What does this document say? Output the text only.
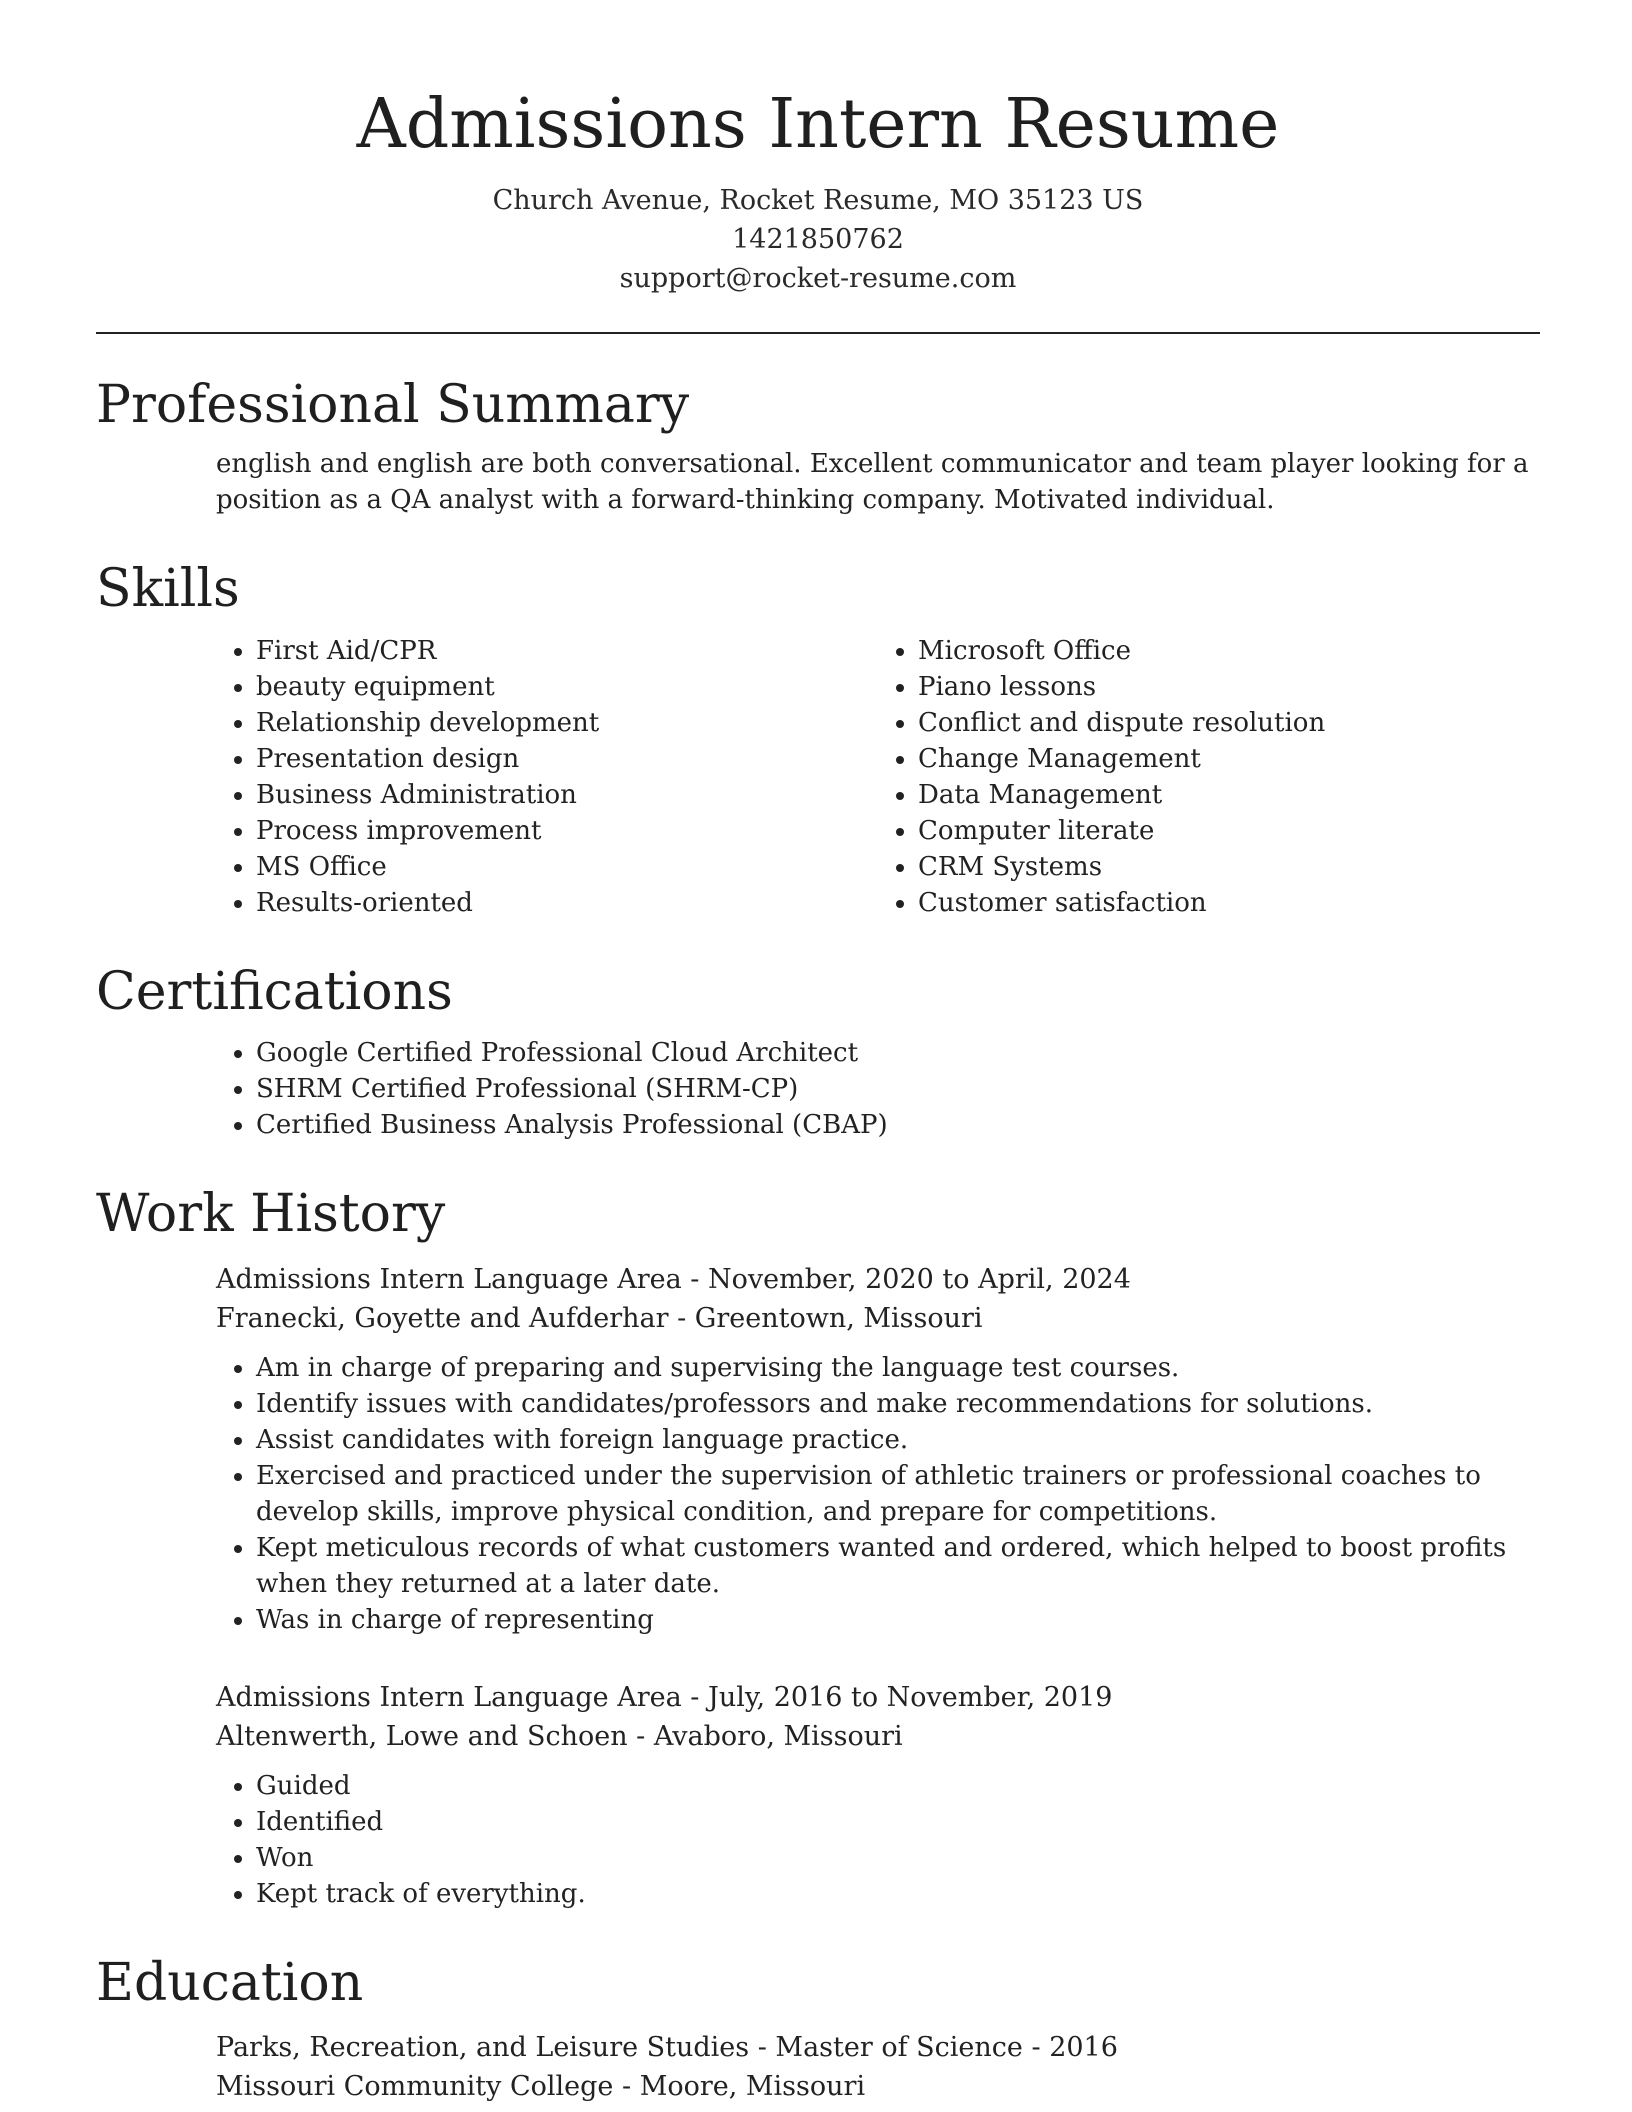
Admissions Intern Resume
Church Avenue, Rocket Resume, MO 35123 US
1421850762
support@rocket-resume.com
Professional Summary
english and english are both conversational. Excellent communicator and team player looking for a position as a QA analyst with a forward-thinking company. Motivated individual.
Skills
• First Aid/CPR
• beauty equipment
• Relationship development
• Presentation design
• Business Administration
• Process improvement
• MS Office
• Results-oriented
• Microsoft Office
• Piano lessons
• Conflict and dispute resolution
• Change Management
• Data Management
• Computer literate
• CRM Systems
• Customer satisfaction
Certifications
• Google Certified Professional Cloud Architect
• SHRM Certified Professional (SHRM-CP)
• Certified Business Analysis Professional (CBAP)
Work History
Admissions Intern Language Area - November, 2020 to April, 2024
Franecki, Goyette and Aufderhar - Greentown, Missouri
• Am in charge of preparing and supervising the language test courses.
• Identify issues with candidates/professors and make recommendations for solutions.
• Assist candidates with foreign language practice.
• Exercised and practiced under the supervision of athletic trainers or professional coaches to develop skills, improve physical condition, and prepare for competitions.
• Kept meticulous records of what customers wanted and ordered, which helped to boost profits when they returned at a later date.
• Was in charge of representing
Admissions Intern Language Area - July, 2016 to November, 2019
Altenwerth, Lowe and Schoen - Avaboro, Missouri
• Guided
• Identified
• Won
• Kept track of everything.
Education
Parks, Recreation, and Leisure Studies - Master of Science - 2016
Missouri Community College - Moore, Missouri
